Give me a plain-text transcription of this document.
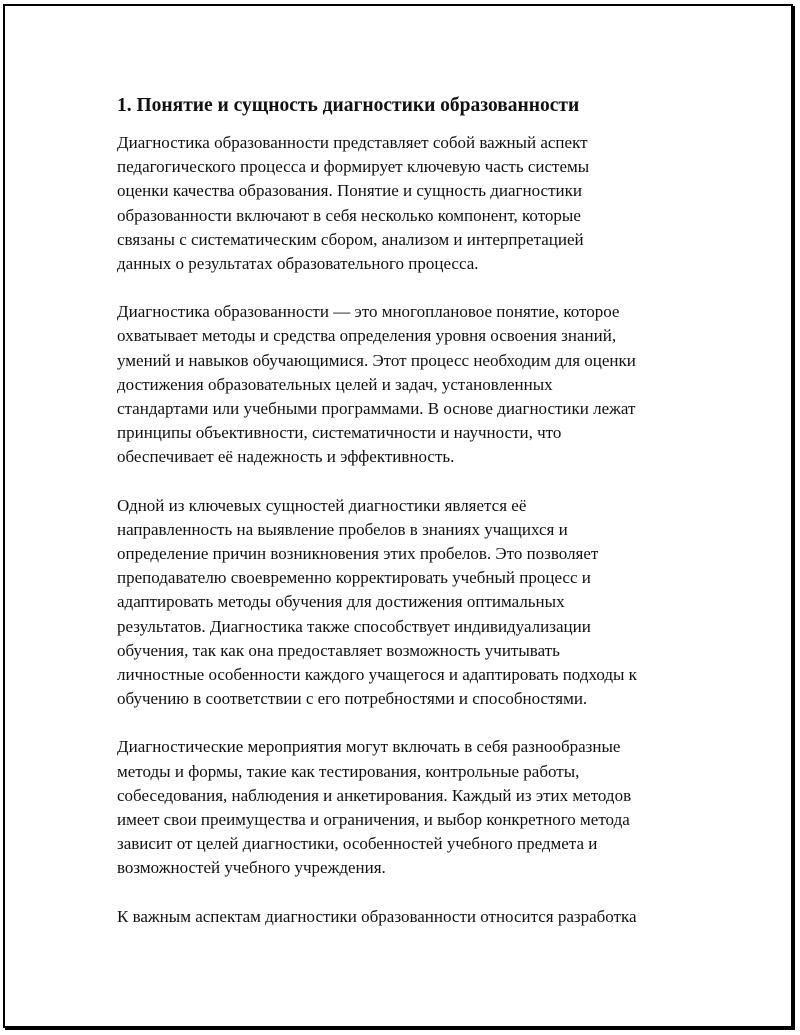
1. Понятие и сущность диагностики образованности

Диагностика образованности представляет собой важный аспект
педагогического процесса и формирует ключевую часть системы
оценки качества образования. Понятие и сущность диагностики
образованности включают в себя несколько компонент, которые
связаны с систематическим сбором, анализом и интерпретацией
данных о результатах образовательного процесса.

Диагностика образованности — это многоплановое понятие, которое
охватывает методы и средства определения уровня освоения знаний,
умений и навыков обучающимися. Этот процесс необходим для оценки
достижения образовательных целей и задач, установленных
стандартами или учебными программами. В основе диагностики лежат
принципы объективности, систематичности и научности, что
обеспечивает её надежность и эффективность.

Одной из ключевых сущностей диагностики является её
направленность на выявление пробелов в знаниях учащихся и
определение причин возникновения этих пробелов. Это позволяет
преподавателю своевременно корректировать учебный процесс и
адаптировать методы обучения для достижения оптимальных
результатов. Диагностика также способствует индивидуализации
обучения, так как она предоставляет возможность учитывать
личностные особенности каждого учащегося и адаптировать подходы к
обучению в соответствии с его потребностями и способностями.

Диагностические мероприятия могут включать в себя разнообразные
методы и формы, такие как тестирования, контрольные работы,
собеседования, наблюдения и анкетирования. Каждый из этих методов
имеет свои преимущества и ограничения, и выбор конкретного метода
зависит от целей диагностики, особенностей учебного предмета и
возможностей учебного учреждения.

К важным аспектам диагностики образованности относится разработка
